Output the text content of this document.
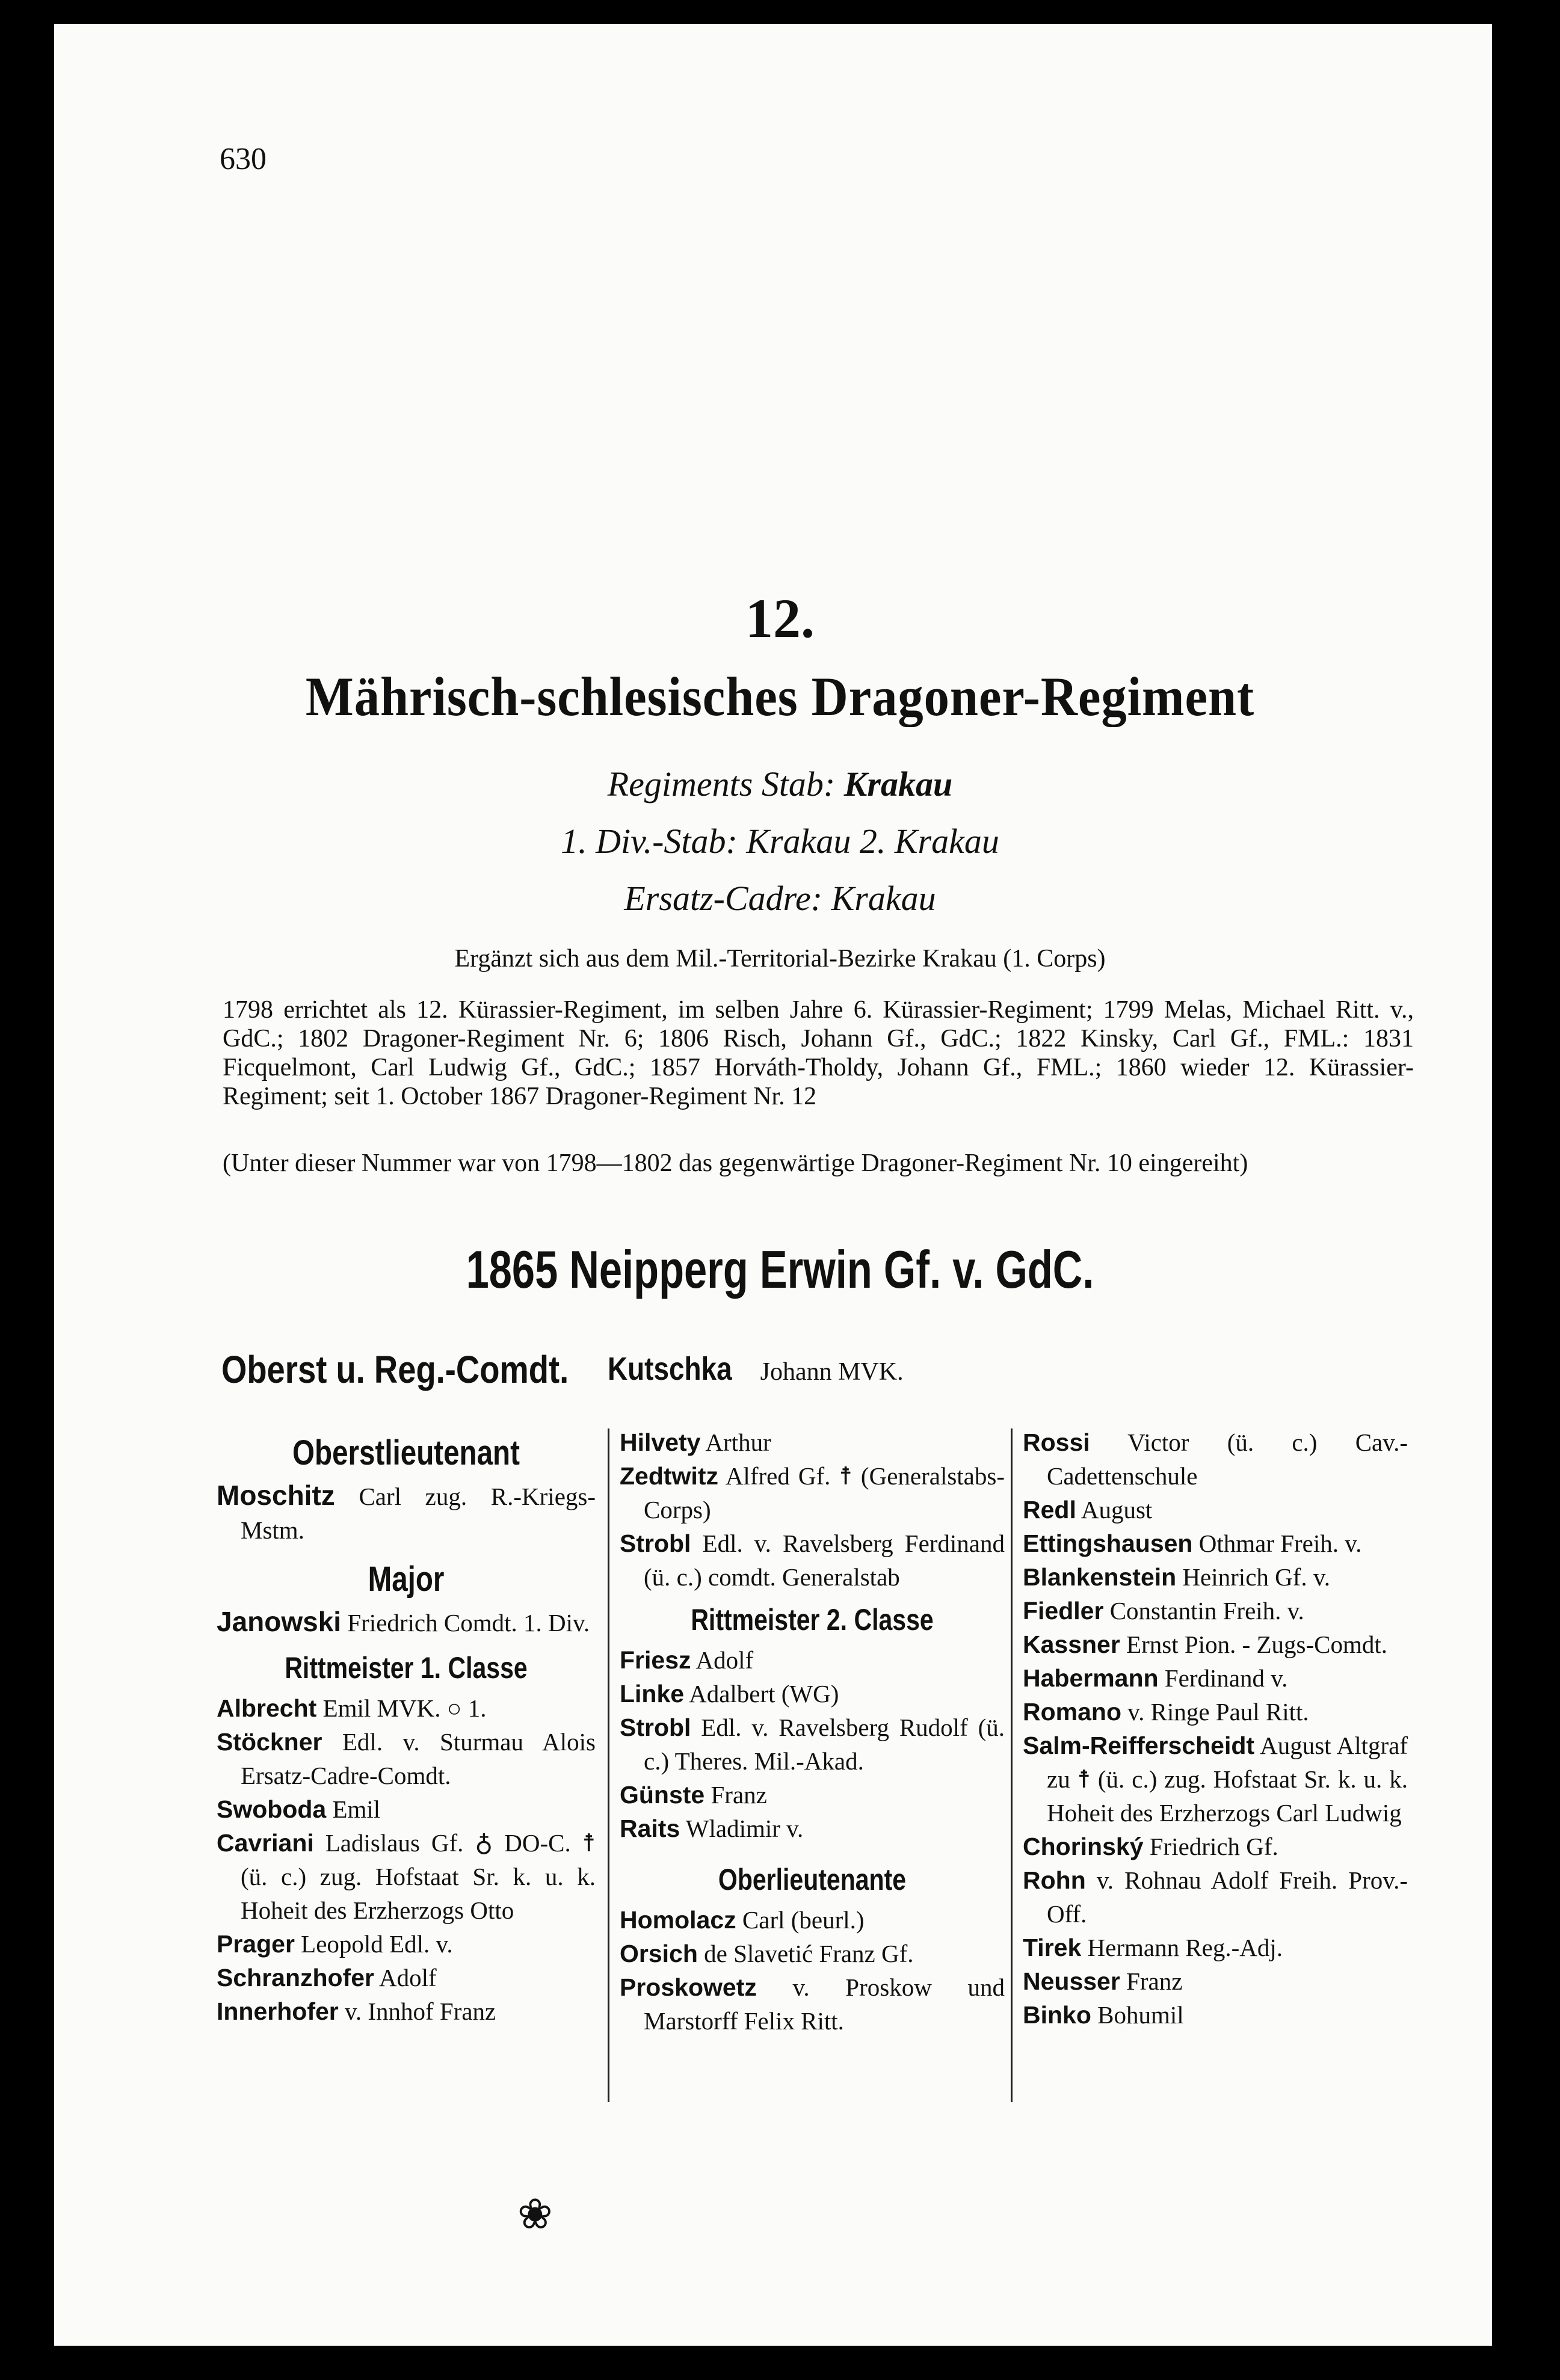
630
12.
Mährisch-schlesisches Dragoner-Regiment
Regiments Stab: Krakau
1. Div.-Stab: Krakau 2. Krakau
Ersatz-Cadre: Krakau
Ergänzt sich aus dem Mil.-Territorial-Bezirke Krakau (1. Corps)
1798 errichtet als 12. Kürassier-Regiment, im selben Jahre 6. Kürassier-Regiment; 1799 Melas, Michael Ritt. v., GdC.; 1802 Dragoner-Regiment Nr. 6; 1806 Risch, Johann Gf., GdC.; 1822 Kinsky, Carl Gf., FML.: 1831 Ficquelmont, Carl Ludwig Gf., GdC.; 1857 Horváth-Tholdy, Johann Gf., FML.; 1860 wieder 12. Kürassier-Regiment; seit 1. October 1867 Dragoner-Regiment Nr. 12
(Unter dieser Nummer war von 1798—1802 das gegenwärtige Dragoner-Regiment Nr. 10 eingereiht)
1865 Neipperg Erwin Gf. v. GdC.
Oberst u. Reg.-Comdt. Kutschka Johann MVK.
Oberstlieutenant
Moschitz Carl zug. R.-Kriegs-Mstm.
Major
Janowski Friedrich Comdt. 1. Div.
Rittmeister 1. Classe
Albrecht Emil MVK. ○ 1.
Stöckner Edl. v. Sturmau Alois Ersatz-Cadre-Comdt.
Swoboda Emil
Cavriani Ladislaus Gf. ♁ DO-C. ☨ (ü. c.) zug. Hofstaat Sr. k. u. k. Hoheit des Erzherzogs Otto
Prager Leopold Edl. v.
Schranzhofer Adolf
Innerhofer v. Innhof Franz
Hilvety Arthur
Zedtwitz Alfred Gf. ☨ (Generalstabs-Corps)
Strobl Edl. v. Ravelsberg Ferdinand (ü. c.) comdt. Generalstab
Rittmeister 2. Classe
Friesz Adolf
Linke Adalbert (WG)
Strobl Edl. v. Ravelsberg Rudolf (ü. c.) Theres. Mil.-Akad.
Günste Franz
Raits Wladimir v.
Oberlieutenante
Homolacz Carl (beurl.)
Orsich de Slavetić Franz Gf.
Proskowetz v. Proskow und Marstorff Felix Ritt.
Rossi Victor (ü. c.) Cav.-Cadettenschule
Redl August
Ettingshausen Othmar Freih. v.
Blankenstein Heinrich Gf. v.
Fiedler Constantin Freih. v.
Kassner Ernst Pion. - Zugs-Comdt.
Habermann Ferdinand v.
Romano v. Ringe Paul Ritt.
Salm-Reifferscheidt August Altgraf zu ☨ (ü. c.) zug. Hofstaat Sr. k. u. k. Hoheit des Erzherzogs Carl Ludwig
Chorinský Friedrich Gf.
Rohn v. Rohnau Adolf Freih. Prov.-Off.
Tirek Hermann Reg.-Adj.
Neusser Franz
Binko Bohumil
❀
